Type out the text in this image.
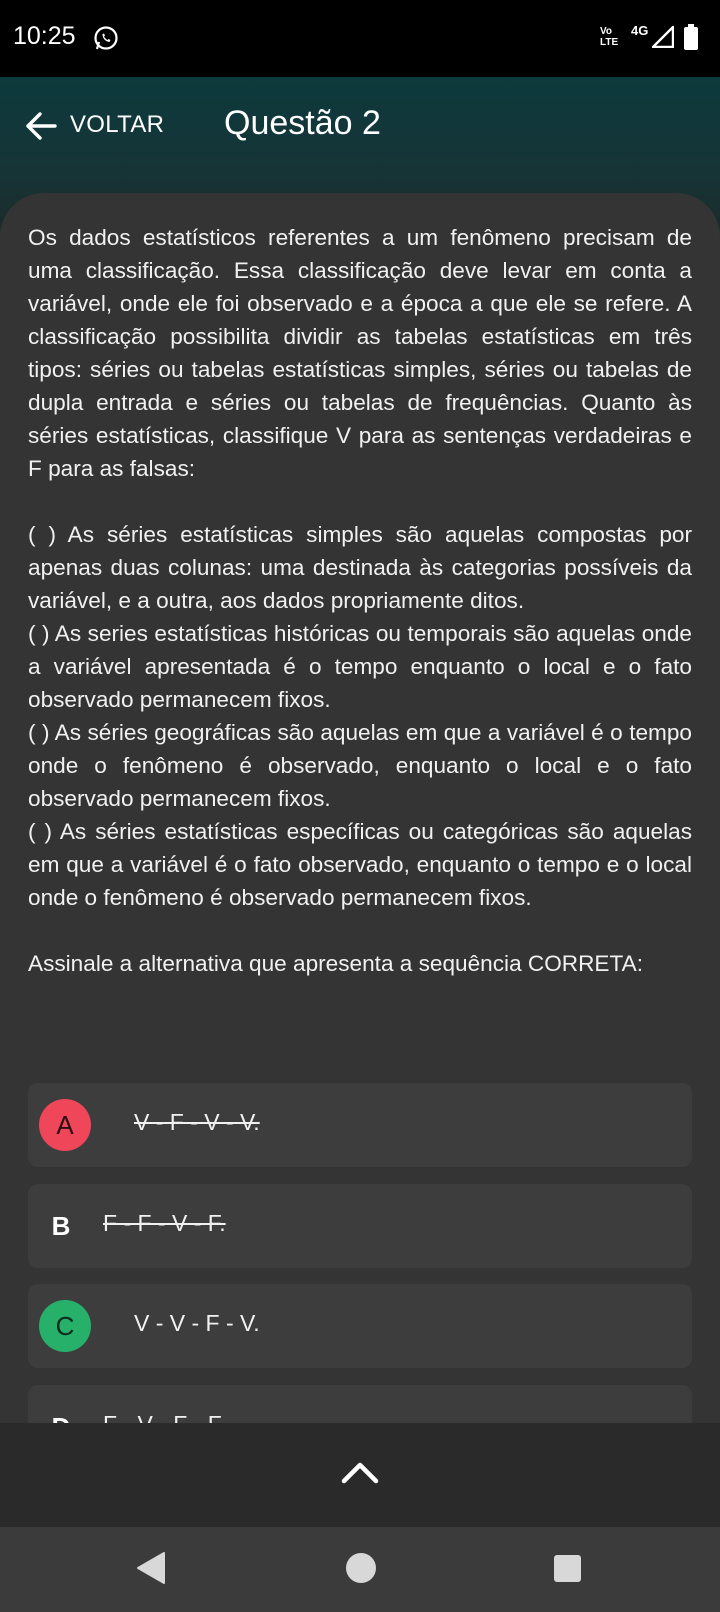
10:25	Vo
LTE
4G
VOLTAR Questão 2

Os dados estatísticos referentes a um fenômeno precisam de uma classificação. Essa classificação deve levar em conta a variável, onde ele foi observado e a época a que ele se refere. A classificação possibilita dividir as tabelas estatísticas em três tipos: séries ou tabelas estatísticas simples, séries ou tabelas de dupla entrada e séries ou tabelas de frequências. Quanto às séries estatísticas, classifique V para as sentenças verdadeiras e F para as falsas:

( ) As séries estatísticas simples são aquelas compostas por apenas duas colunas: uma destinada às categorias possíveis da variável, e a outra, aos dados propriamente ditos.

( ) As series estatísticas históricas ou temporais são aquelas onde a variável apresentada é o tempo enquanto o local e o fato observado permanecem fixos.

( ) As séries geográficas são aquelas em que a variável é o tempo onde o fenômeno é observado, enquanto o local e o fato observado permanecem fixos.

( ) As séries estatísticas específicas ou categóricas são aquelas em que a variável é o fato observado, enquanto o tempo e o local onde o fenômeno é observado permanecem fixos.

Assinale a alternativa que apresenta a sequência CORRETA:

A	V - F - V - V.
B F - F - V - F.
C	V - V - F - V.
